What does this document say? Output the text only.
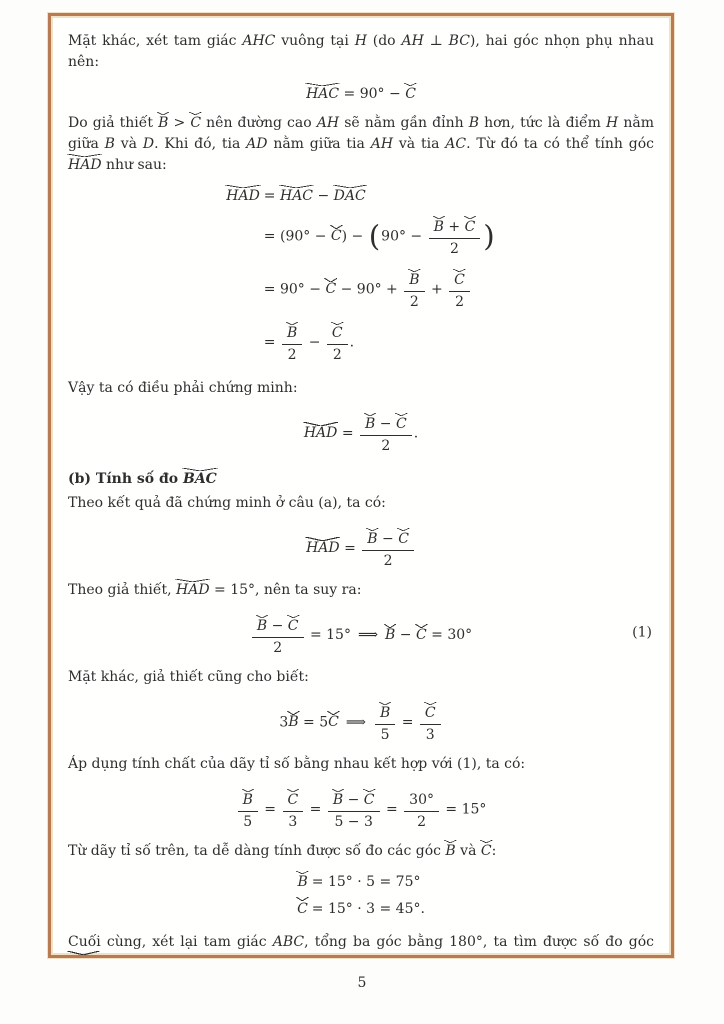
Mặt khác, xét tam giác AHC vuông tại H (do AH ⊥ BC), hai góc nhọn phụ nhau nên:

HAC = 90° − C

Do giả thiết B > C nên đường cao AH sẽ nằm gần đỉnh B hơn, tức là điểm H nằm giữa B và D. Khi đó, tia AD nằm giữa tia AH và tia AC. Từ đó ta có thể tính góc HAD như sau:

HAD	= HAC − DAC
	= $(90^\circ - C) - (90^\circ - \frac{B + C}{2}$ )
	= $90^\circ - C - 90^\circ + \frac{B}{2} + \frac{C}{2}$

	= $\frac{B}{2} - \frac{C}{2}$ .

Vậy ta có điều phải chứng minh:

HAD = $\frac{B - C}{2}$ .
(b) Tính số đo BAC

Theo kết quả đã chứng minh ở câu (a), ta có:

HAD = $\frac{B - C}{2}$

Theo giả thiết, HAD = 15°, nên ta suy ra:

$\frac{B - C}{2} = 15^\circ$ ⟹ B − C = 30°	(1)

Mặt khác, giả thiết cũng cho biết:

3B = 5C ⟹  $\frac{B}{5} = \frac{C}{3}$

Áp dụng tính chất của dãy tỉ số bằng nhau kết hợp với (1), ta có:

$\frac{B}{5} = \frac{C}{3} = \frac{B - C}{5 - 3} = \frac{30^\circ}{2} = 15^\circ$

Từ dãy tỉ số trên, ta dễ dàng tính được số đo các góc B và C:

B	= 15° · 5 = 75°
C	= 15° · 3 = 45°.

Cuối cùng, xét lại tam giác ABC, tổng ba góc bằng 180°, ta tìm được số đo góc

5
